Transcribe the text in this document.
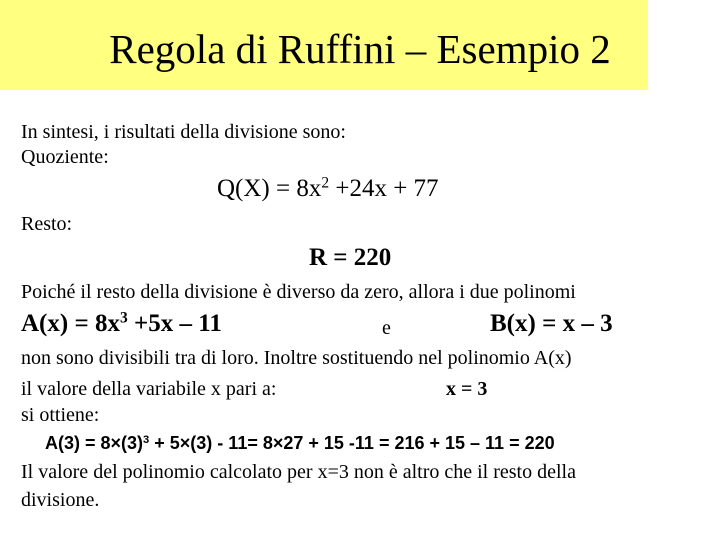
Regola di Ruffini – Esempio 2
In sintesi, i risultati della divisione sono:
Quoziente:
$Q(X) = 8x^2 +24x + 77$
Resto:
R = 220
Poiché il resto della divisione è diverso da zero, allora i due polinomi
$A(x) = 8x^3 +5x - 11$	e	B(x) = x – 3
non sono divisibili tra di loro. Inoltre sostituendo nel polinomio A(x)
il valore della variabile x pari a:	x = 3
si ottiene:
$A(3) = 8\times(3)^3 + 5\times(3) - 11= 8\times 27 + 15$ -11 = 216 + 15 – 11 = 220
Il valore del polinomio calcolato per x=3 non è altro che il resto della
divisione.
